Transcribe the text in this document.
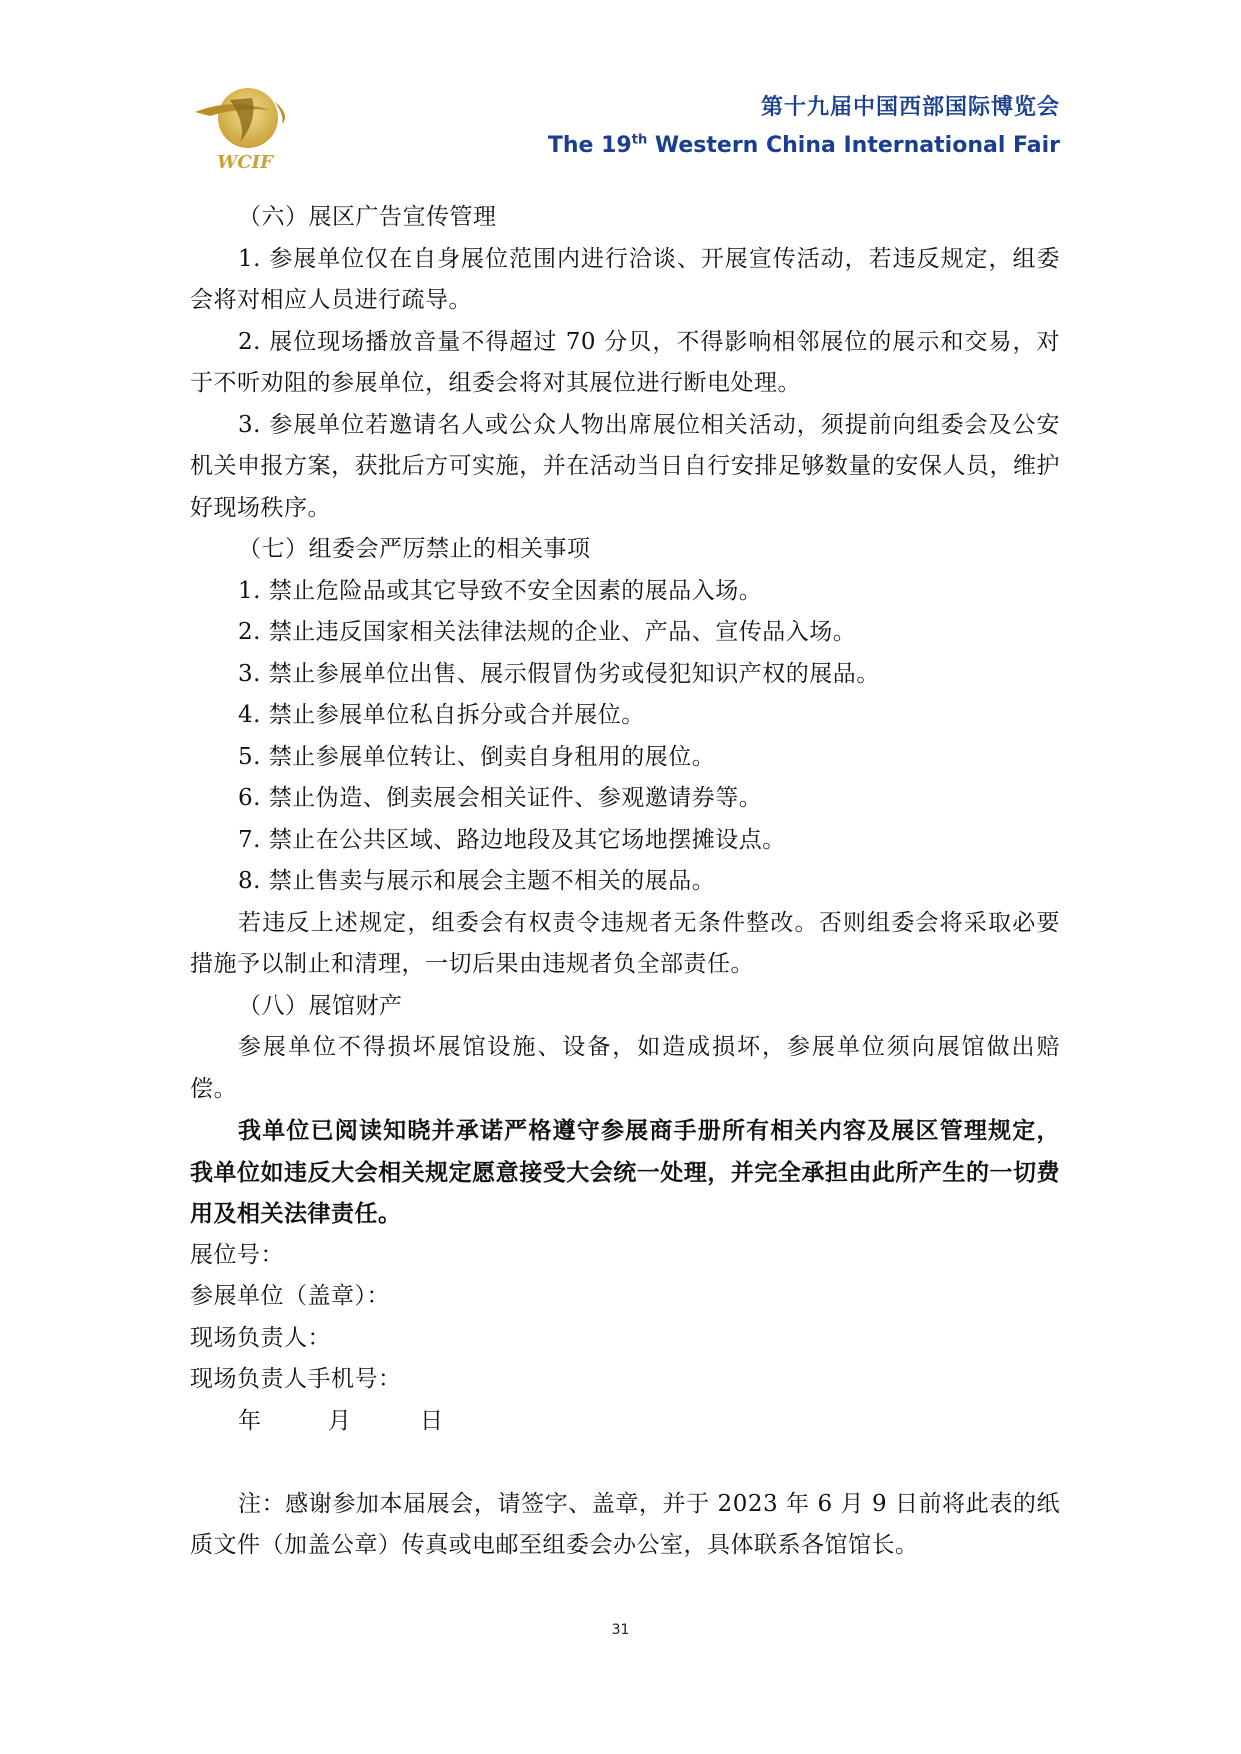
WCIF
第十九届中国西部国际博览会
The 19th Western China International Fair

（六）展区广告宣传管理

1. 参展单位仅在自身展位范围内进行洽谈、开展宣传活动，若违反规定，组委会将对相应人员进行疏导。

2. 展位现场播放音量不得超过 70 分贝，不得影响相邻展位的展示和交易，对于不听劝阻的参展单位，组委会将对其展位进行断电处理。

3. 参展单位若邀请名人或公众人物出席展位相关活动，须提前向组委会及公安机关申报方案，获批后方可实施，并在活动当日自行安排足够数量的安保人员，维护好现场秩序。

（七）组委会严厉禁止的相关事项

1. 禁止危险品或其它导致不安全因素的展品入场。

2. 禁止违反国家相关法律法规的企业、产品、宣传品入场。

3. 禁止参展单位出售、展示假冒伪劣或侵犯知识产权的展品。

4. 禁止参展单位私自拆分或合并展位。

5. 禁止参展单位转让、倒卖自身租用的展位。

6. 禁止伪造、倒卖展会相关证件、参观邀请券等。

7. 禁止在公共区域、路边地段及其它场地摆摊设点。

8. 禁止售卖与展示和展会主题不相关的展品。

若违反上述规定，组委会有权责令违规者无条件整改。否则组委会将采取必要措施予以制止和清理，一切后果由违规者负全部责任。

（八）展馆财产

参展单位不得损坏展馆设施、设备，如造成损坏，参展单位须向展馆做出赔偿。

我单位已阅读知晓并承诺严格遵守参展商手册所有相关内容及展区管理规定，我单位如违反大会相关规定愿意接受大会统一处理，并完全承担由此所产生的一切费用及相关法律责任。

展位号：

参展单位（盖章）：

现场负责人：

现场负责人手机号：

年	月	日

注：感谢参加本届展会，请签字、盖章，并于 2023 年 6 月 9 日前将此表的纸质文件（加盖公章）传真或电邮至组委会办公室，具体联系各馆馆长。

31
